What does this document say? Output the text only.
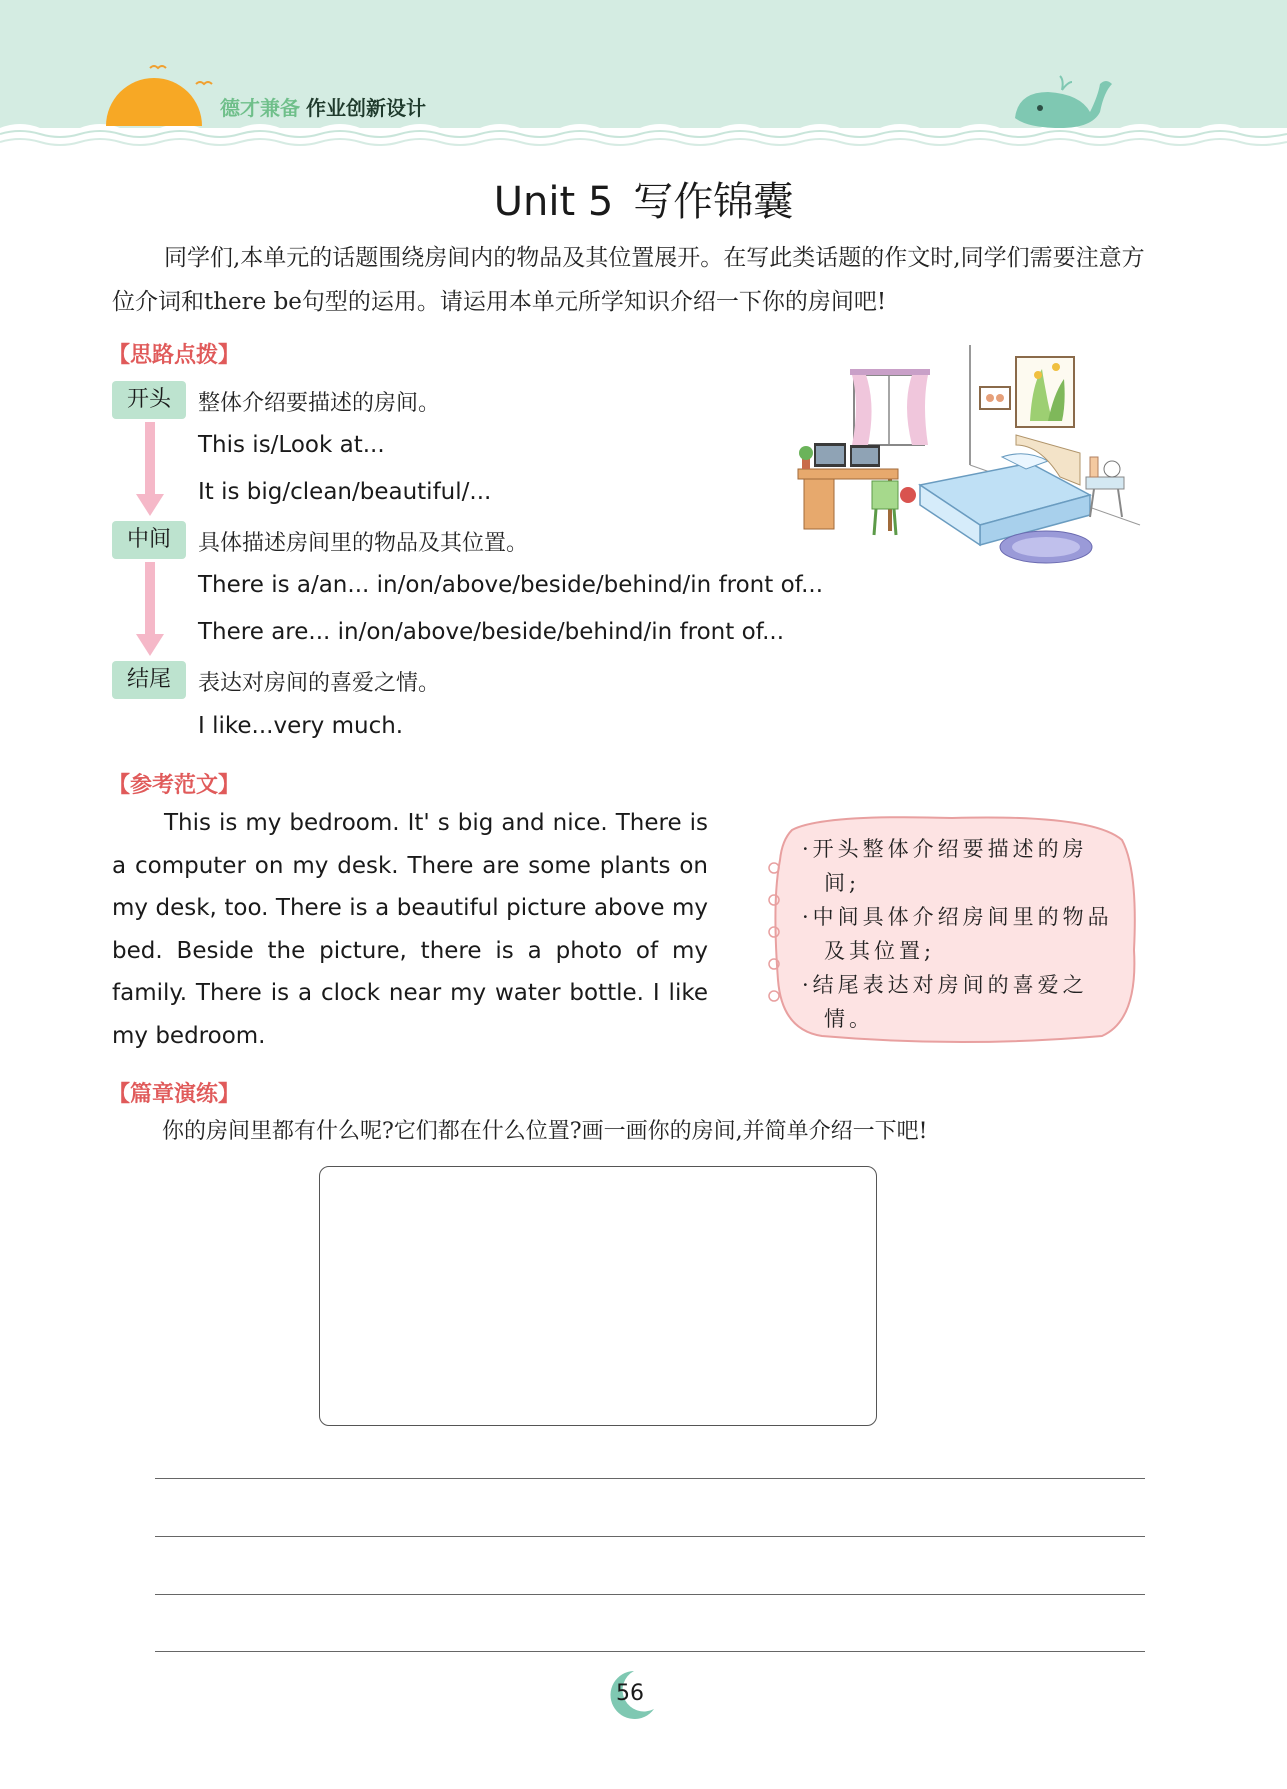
德才兼备 作业创新设计
Unit 5 写作锦囊
同学们,本单元的话题围绕房间内的物品及其位置展开。在写此类话题的作文时,同学们需要注意方位介词和there be句型的运用。请运用本单元所学知识介绍一下你的房间吧!
【思路点拨】
开头	整体介绍要描述的房间。
This is/Look at...
It is big/clean/beautiful/...
中间	具体描述房间里的物品及其位置。
There is a/an... in/on/above/beside/behind/in front of...
There are... in/on/above/beside/behind/in front of...
结尾	表达对房间的喜爱之情。
I like...very much.
【参考范文】
This is my bedroom. It' s big and nice. There is a computer on my desk. There are some plants on my desk, too. There is a beautiful picture above my bed. Beside the picture, there is a photo of my family. There is a clock near my water bottle. I like my bedroom.
·开头整体介绍要描述的房间;
·中间具体介绍房间里的物品及其位置;
·结尾表达对房间的喜爱之情。
【篇章演练】
你的房间里都有什么呢?它们都在什么位置?画一画你的房间,并简单介绍一下吧!
56
